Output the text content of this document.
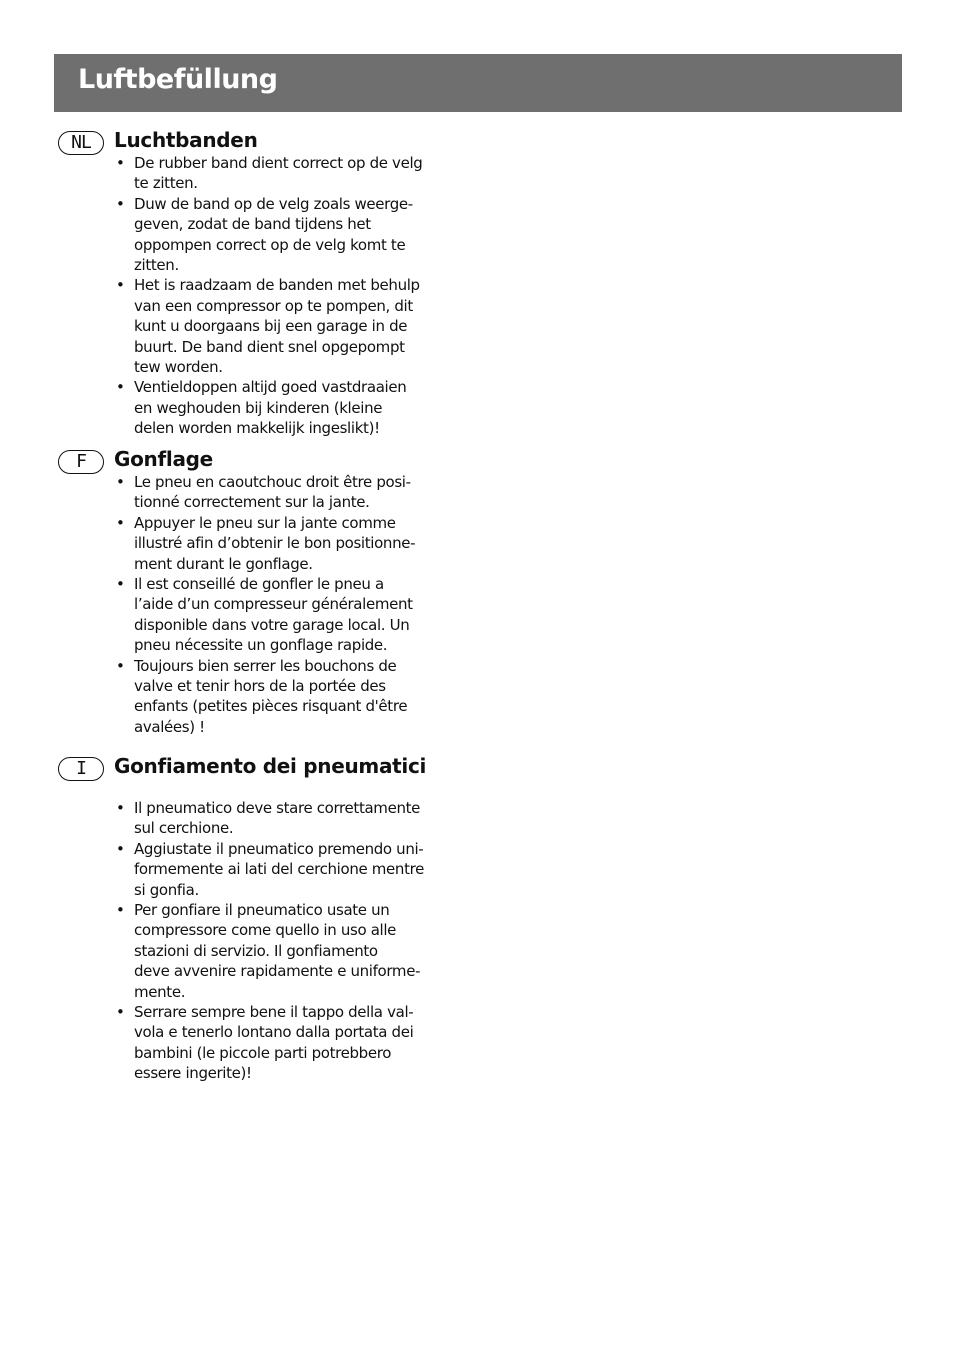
Luftbefüllung
NL	Luchtbanden
• De rubber band dient correct op de velg
te zitten.
• Duw de band op de velg zoals weerge-
geven, zodat de band tijdens het
oppompen correct op de velg komt te
zitten.
• Het is raadzaam de banden met behulp
van een compressor op te pompen, dit
kunt u doorgaans bij een garage in de
buurt. De band dient snel opgepompt
tew worden.
• Ventieldoppen altijd goed vastdraaien
en weghouden bij kinderen (kleine
delen worden makkelijk ingeslikt)!
F	Gonflage
• Le pneu en caoutchouc droit être posi-
tionné correctement sur la jante.
• Appuyer le pneu sur la jante comme
illustré afin d’obtenir le bon positionne-
ment durant le gonflage.
• Il est conseillé de gonfler le pneu a
l’aide d’un compresseur généralement
disponible dans votre garage local. Un
pneu nécessite un gonflage rapide.
• Toujours bien serrer les bouchons de
valve et tenir hors de la portée des
enfants (petites pièces risquant d'être
avalées) !
I	Gonfiamento dei pneumatici
• Il pneumatico deve stare correttamente
sul cerchione.
• Aggiustate il pneumatico premendo uni-
formemente ai lati del cerchione mentre
si gonfia.
• Per gonfiare il pneumatico usate un
compressore come quello in uso alle
stazioni di servizio. Il gonfiamento
deve avvenire rapidamente e uniforme-
mente.
• Serrare sempre bene il tappo della val-
vola e tenerlo lontano dalla portata dei
bambini (le piccole parti potrebbero
essere ingerite)!
